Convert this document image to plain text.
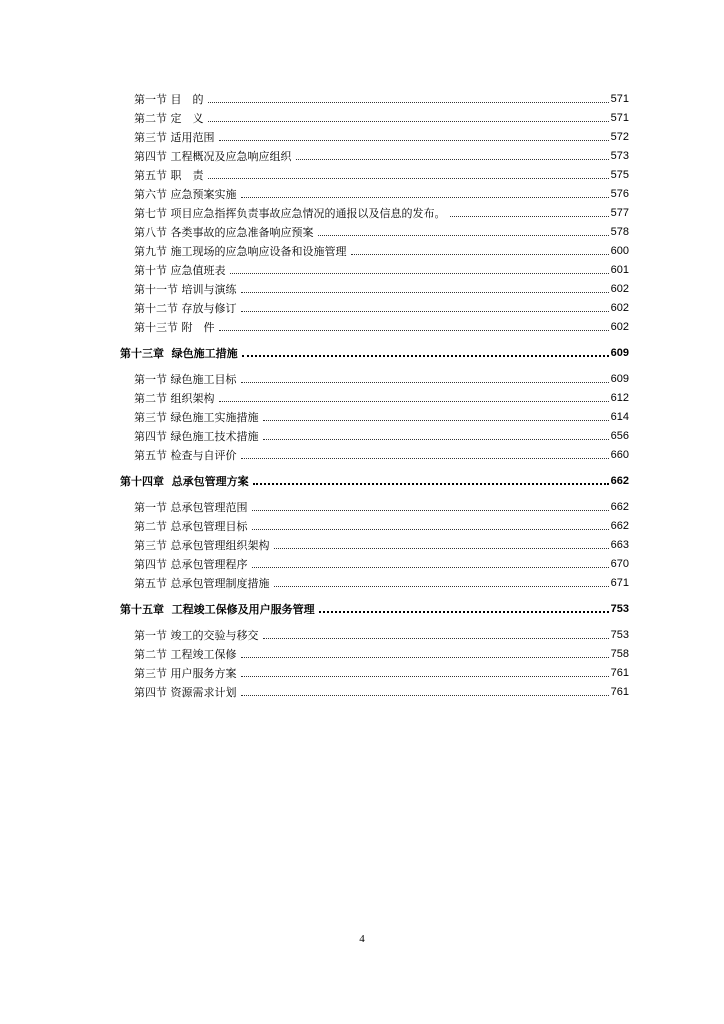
第一节 目　的	571
第二节 定　义	571
第三节 适用范围	572
第四节 工程概况及应急响应组织	573
第五节 职　责	575
第六节 应急预案实施	576
第七节 项目应急指挥负责事故应急情况的通报以及信息的发布。	577
第八节 各类事故的应急准备响应预案	578
第九节 施工现场的应急响应设备和设施管理	600
第十节 应急值班表	601
第十一节 培训与演练	602
第十二节 存放与修订	602
第十三节 附　件	602
第十三章  绿色施工措施	609
第一节 绿色施工目标	609
第二节 组织架构	612
第三节 绿色施工实施措施	614
第四节 绿色施工技术措施	656
第五节 检查与自评价	660
第十四章  总承包管理方案	662
第一节 总承包管理范围	662
第二节 总承包管理目标	662
第三节 总承包管理组织架构	663
第四节 总承包管理程序	670
第五节 总承包管理制度措施	671
第十五章  工程竣工保修及用户服务管理	753
第一节 竣工的交验与移交	753
第二节 工程竣工保修	758
第三节 用户服务方案	761
第四节 资源需求计划	761
4
